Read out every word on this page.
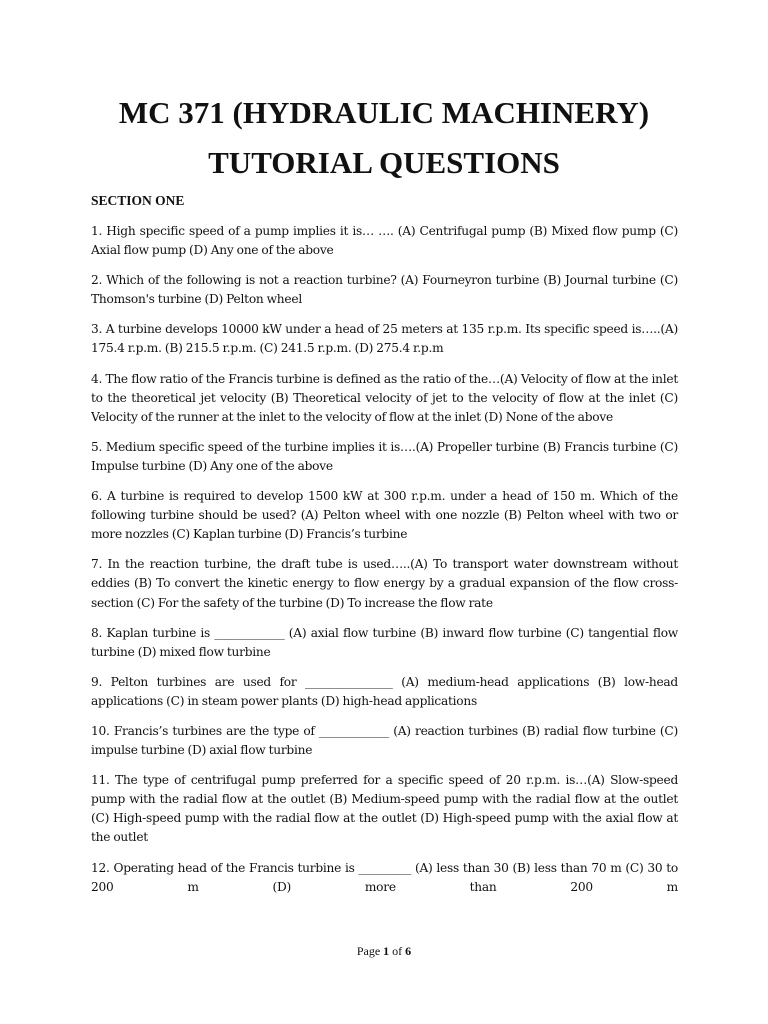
MC 371 (HYDRAULIC MACHINERY)
TUTORIAL QUESTIONS
SECTION ONE
1. High specific speed of a pump implies it is… …. (A) Centrifugal pump (B) Mixed flow pump (C) Axial flow pump (D) Any one of the above
2. Which of the following is not a reaction turbine? (A) Fourneyron turbine (B) Journal turbine (C) Thomson's turbine (D) Pelton wheel
3. A turbine develops 10000 kW under a head of 25 meters at 135 r.p.m. Its specific speed is…..(A) 175.4 r.p.m. (B) 215.5 r.p.m. (C) 241.5 r.p.m. (D) 275.4 r.p.m
4. The flow ratio of the Francis turbine is defined as the ratio of the…(A) Velocity of flow at the inlet to the theoretical jet velocity (B) Theoretical velocity of jet to the velocity of flow at the inlet (C) Velocity of the runner at the inlet to the velocity of flow at the inlet (D) None of the above
5. Medium specific speed of the turbine implies it is….(A) Propeller turbine (B) Francis turbine (C) Impulse turbine (D) Any one of the above
6. A turbine is required to develop 1500 kW at 300 r.p.m. under a head of 150 m. Which of the following turbine should be used? (A) Pelton wheel with one nozzle (B) Pelton wheel with two or more nozzles (C) Kaplan turbine (D) Francis’s turbine
7. In the reaction turbine, the draft tube is used…..(A) To transport water downstream without eddies (B) To convert the kinetic energy to flow energy by a gradual expansion of the flow cross-section (C) For the safety of the turbine (D) To increase the flow rate
8. Kaplan turbine is ____________ (A) axial flow turbine (B) inward flow turbine (C) tangential flow turbine (D) mixed flow turbine
9. Pelton turbines are used for _______________ (A) medium-head applications (B) low-head applications (C) in steam power plants (D) high-head applications
10. Francis’s turbines are the type of ____________ (A) reaction turbines (B) radial flow turbine (C) impulse turbine (D) axial flow turbine
11. The type of centrifugal pump preferred for a specific speed of 20 r.p.m. is…(A) Slow-speed pump with the radial flow at the outlet (B) Medium-speed pump with the radial flow at the outlet (C) High-speed pump with the radial flow at the outlet (D) High-speed pump with the axial flow at the outlet
12. Operating head of the Francis turbine is _________ (A) less than 30 (B) less than 70 m (C) 30 to 200 m (D) more than 200 m
Page 1 of 6
